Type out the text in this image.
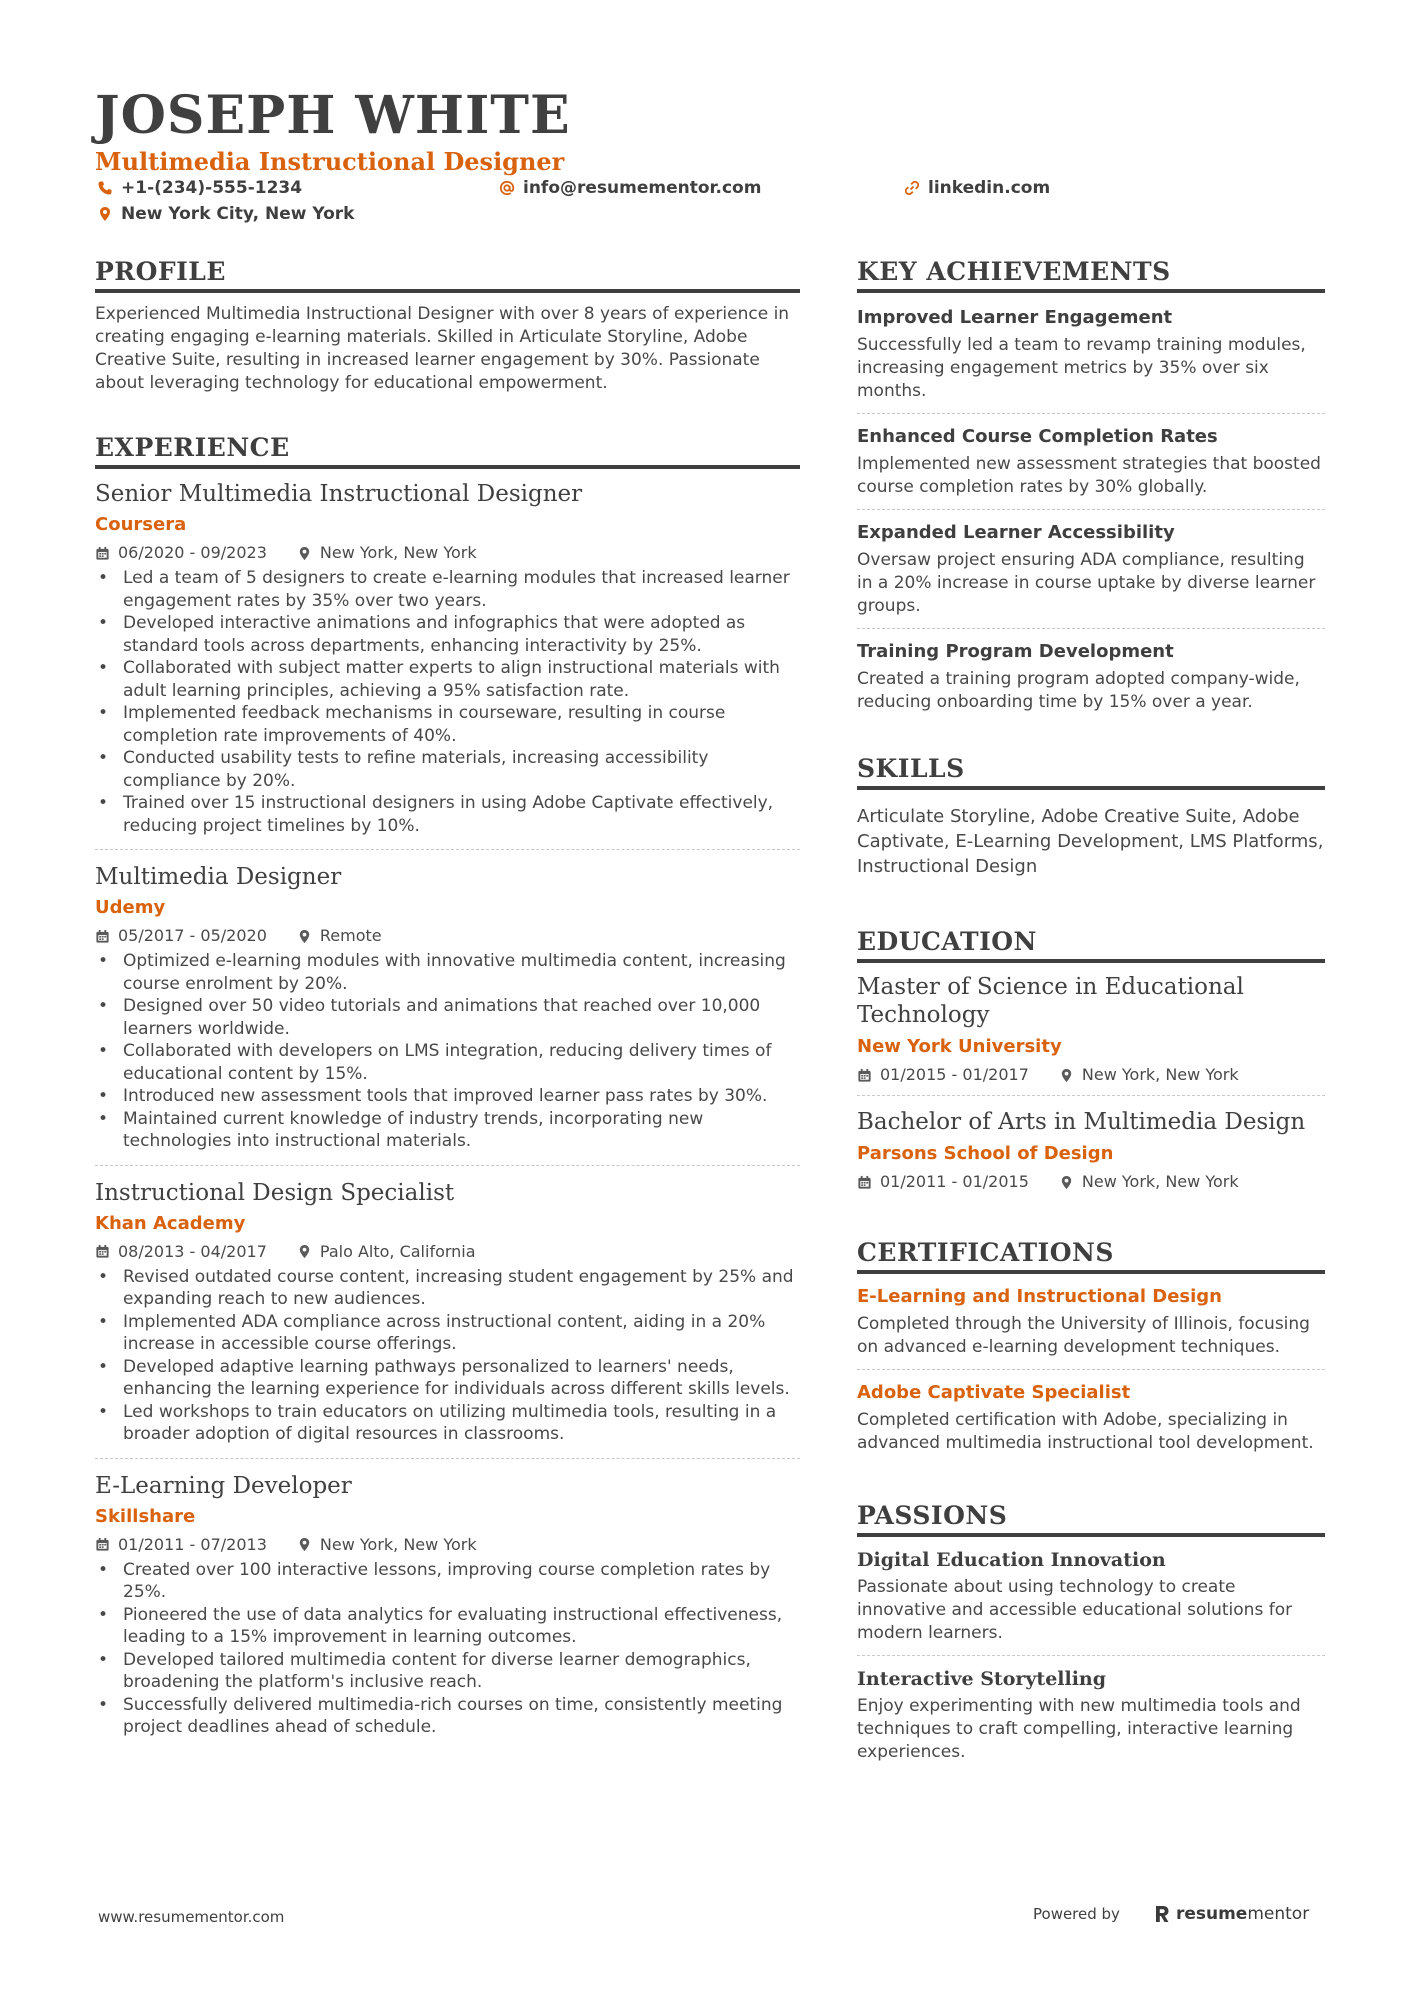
JOSEPH WHITE
Multimedia Instructional Designer
+1-(234)-555-1234	info@resumementor.com	linkedin.com
New York City, New York
PROFILE

Experienced Multimedia Instructional Designer with over 8 years of experience in creating engaging e-learning materials. Skilled in Articulate Storyline, Adobe Creative Suite, resulting in increased learner engagement by 30%. Passionate about leveraging technology for educational empowerment.

EXPERIENCE
Senior Multimedia Instructional Designer
Coursera
06/2020 - 09/2023	New York, New York
• Led a team of 5 designers to create e-learning modules that increased learner engagement rates by 35% over two years.
• Developed interactive animations and infographics that were adopted as standard tools across departments, enhancing interactivity by 25%.
• Collaborated with subject matter experts to align instructional materials with adult learning principles, achieving a 95% satisfaction rate.
• Implemented feedback mechanisms in courseware, resulting in course completion rate improvements of 40%.
• Conducted usability tests to refine materials, increasing accessibility compliance by 20%.
• Trained over 15 instructional designers in using Adobe Captivate effectively, reducing project timelines by 10%.
Multimedia Designer
Udemy
05/2017 - 05/2020	Remote
• Optimized e-learning modules with innovative multimedia content, increasing course enrolment by 20%.
• Designed over 50 video tutorials and animations that reached over 10,000 learners worldwide.
• Collaborated with developers on LMS integration, reducing delivery times of educational content by 15%.
• Introduced new assessment tools that improved learner pass rates by 30%.
• Maintained current knowledge of industry trends, incorporating new technologies into instructional materials.
Instructional Design Specialist
Khan Academy
08/2013 - 04/2017	Palo Alto, California
• Revised outdated course content, increasing student engagement by 25% and expanding reach to new audiences.
• Implemented ADA compliance across instructional content, aiding in a 20% increase in accessible course offerings.
• Developed adaptive learning pathways personalized to learners' needs, enhancing the learning experience for individuals across different skills levels.
• Led workshops to train educators on utilizing multimedia tools, resulting in a broader adoption of digital resources in classrooms.
E-Learning Developer
Skillshare
01/2011 - 07/2013	New York, New York
• Created over 100 interactive lessons, improving course completion rates by 25%.
• Pioneered the use of data analytics for evaluating instructional effectiveness, leading to a 15% improvement in learning outcomes.
• Developed tailored multimedia content for diverse learner demographics, broadening the platform's inclusive reach.
• Successfully delivered multimedia-rich courses on time, consistently meeting project deadlines ahead of schedule.
KEY ACHIEVEMENTS
Improved Learner Engagement
Successfully led a team to revamp training modules, increasing engagement metrics by 35% over six months.
Enhanced Course Completion Rates
Implemented new assessment strategies that boosted course completion rates by 30% globally.
Expanded Learner Accessibility
Oversaw project ensuring ADA compliance, resulting in a 20% increase in course uptake by diverse learner groups.
Training Program Development
Created a training program adopted company-wide, reducing onboarding time by 15% over a year.
SKILLS
Articulate Storyline, Adobe Creative Suite, Adobe Captivate, E-Learning Development, LMS Platforms, Instructional Design
EDUCATION
Master of Science in Educational Technology
New York University
01/2015 - 01/2017	New York, New York
Bachelor of Arts in Multimedia Design
Parsons School of Design
01/2011 - 01/2015	New York, New York
CERTIFICATIONS
E-Learning and Instructional Design
Completed through the University of Illinois, focusing on advanced e-learning development techniques.
Adobe Captivate Specialist
Completed certification with Adobe, specializing in advanced multimedia instructional tool development.
PASSIONS
Digital Education Innovation
Passionate about using technology to create innovative and accessible educational solutions for modern learners.
Interactive Storytelling
Enjoy experimenting with new multimedia tools and techniques to craft compelling, interactive learning experiences.
www.resumementor.com	Powered by	resumementor
